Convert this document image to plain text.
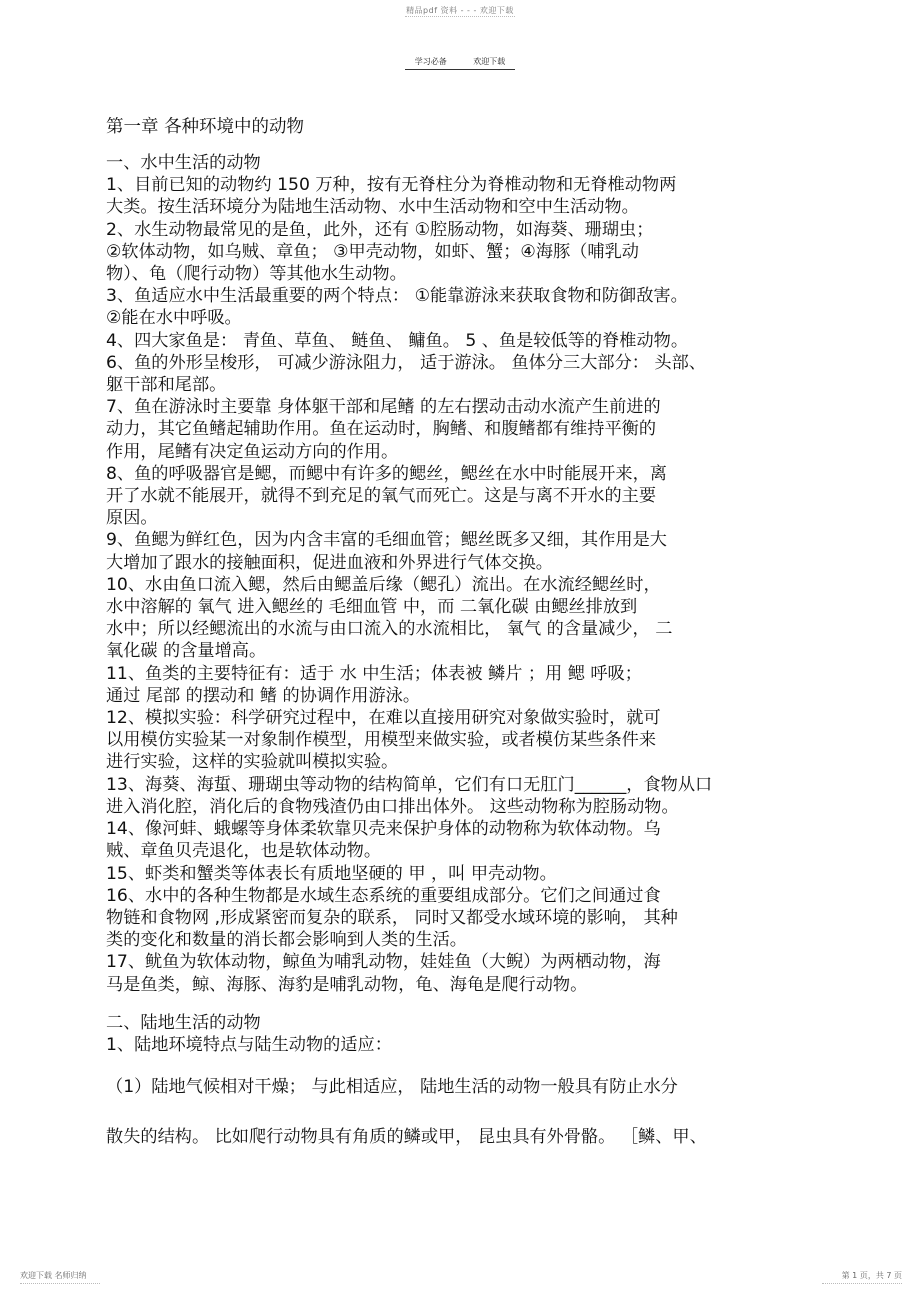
精品pdf 资料 - - - 欢迎下载
学习必备	欢迎下载
第一章 各种环境中的动物
一、水中生活的动物
1、目前已知的动物约 150 万种，按有无脊柱分为脊椎动物和无脊椎动物两
大类。按生活环境分为陆地生活动物、水中生活动物和空中生活动物。
2、水生动物最常见的是鱼，此外，还有 ①腔肠动物，如海葵、珊瑚虫；
②软体动物，如乌贼、章鱼； ③甲壳动物，如虾、蟹；④海豚（哺乳动
物）、龟（爬行动物）等其他水生动物。
3、鱼适应水中生活最重要的两个特点： ①能靠游泳来获取食物和防御敌害。
②能在水中呼吸。
4、四大家鱼是： 青鱼、草鱼、 鲢鱼、 鳙鱼。 5 、鱼是较低等的脊椎动物。
6、鱼的外形呈梭形， 可减少游泳阻力， 适于游泳。 鱼体分三大部分： 头部、
躯干部和尾部。
7、鱼在游泳时主要靠 身体躯干部和尾鳍 的左右摆动击动水流产生前进的
动力，其它鱼鳍起辅助作用。鱼在运动时，胸鳍、和腹鳍都有维持平衡的
作用，尾鳍有决定鱼运动方向的作用。
8、鱼的呼吸器官是鳃，而鳃中有许多的鳃丝，鳃丝在水中时能展开来，离
开了水就不能展开，就得不到充足的氧气而死亡。这是与离不开水的主要
原因。
9、鱼鳃为鲜红色，因为内含丰富的毛细血管；鳃丝既多又细，其作用是大
大增加了跟水的接触面积，促进血液和外界进行气体交换。
10、水由鱼口流入鳃，然后由鳃盖后缘（鳃孔）流出。在水流经鳃丝时，
水中溶解的 氧气 进入鳃丝的 毛细血管 中，而 二氧化碳 由鳃丝排放到
水中；所以经鳃流出的水流与由口流入的水流相比， 氧气 的含量减少， 二
氧化碳 的含量增高。
11、鱼类的主要特征有：适于 水 中生活；体表被 鳞片 ；用 鳃 呼吸；
通过 尾部 的摆动和 鳍 的协调作用游泳。
12、模拟实验：科学研究过程中，在难以直接用研究对象做实验时，就可
以用模仿实验某一对象制作模型，用模型来做实验，或者模仿某些条件来
进行实验，这样的实验就叫模拟实验。
13、海葵、海蜇、珊瑚虫等动物的结构简单，它们有口无肛门______，食物从口
进入消化腔，消化后的食物残渣仍由口排出体外。 这些动物称为腔肠动物。
14、像河蚌、蛾螺等身体柔软靠贝壳来保护身体的动物称为软体动物。乌
贼、章鱼贝壳退化，也是软体动物。
15、虾类和蟹类等体表长有质地坚硬的 甲 ，叫 甲壳动物。
16、水中的各种生物都是水域生态系统的重要组成部分。它们之间通过食
物链和食物网 ,形成紧密而复杂的联系， 同时又都受水域环境的影响， 其种
类的变化和数量的消长都会影响到人类的生活。
17、鱿鱼为软体动物，鲸鱼为哺乳动物，娃娃鱼（大鲵）为两栖动物，海
马是鱼类，鲸、海豚、海豹是哺乳动物，龟、海龟是爬行动物。
二、陆地生活的动物
1、陆地环境特点与陆生动物的适应：
（1）陆地气候相对干燥； 与此相适应， 陆地生活的动物一般具有防止水分
散失的结构。 比如爬行动物具有角质的鳞或甲， 昆虫具有外骨骼。 ［鳞、甲、
欢迎下载 名师归纳	第 1 页，共 7 页
